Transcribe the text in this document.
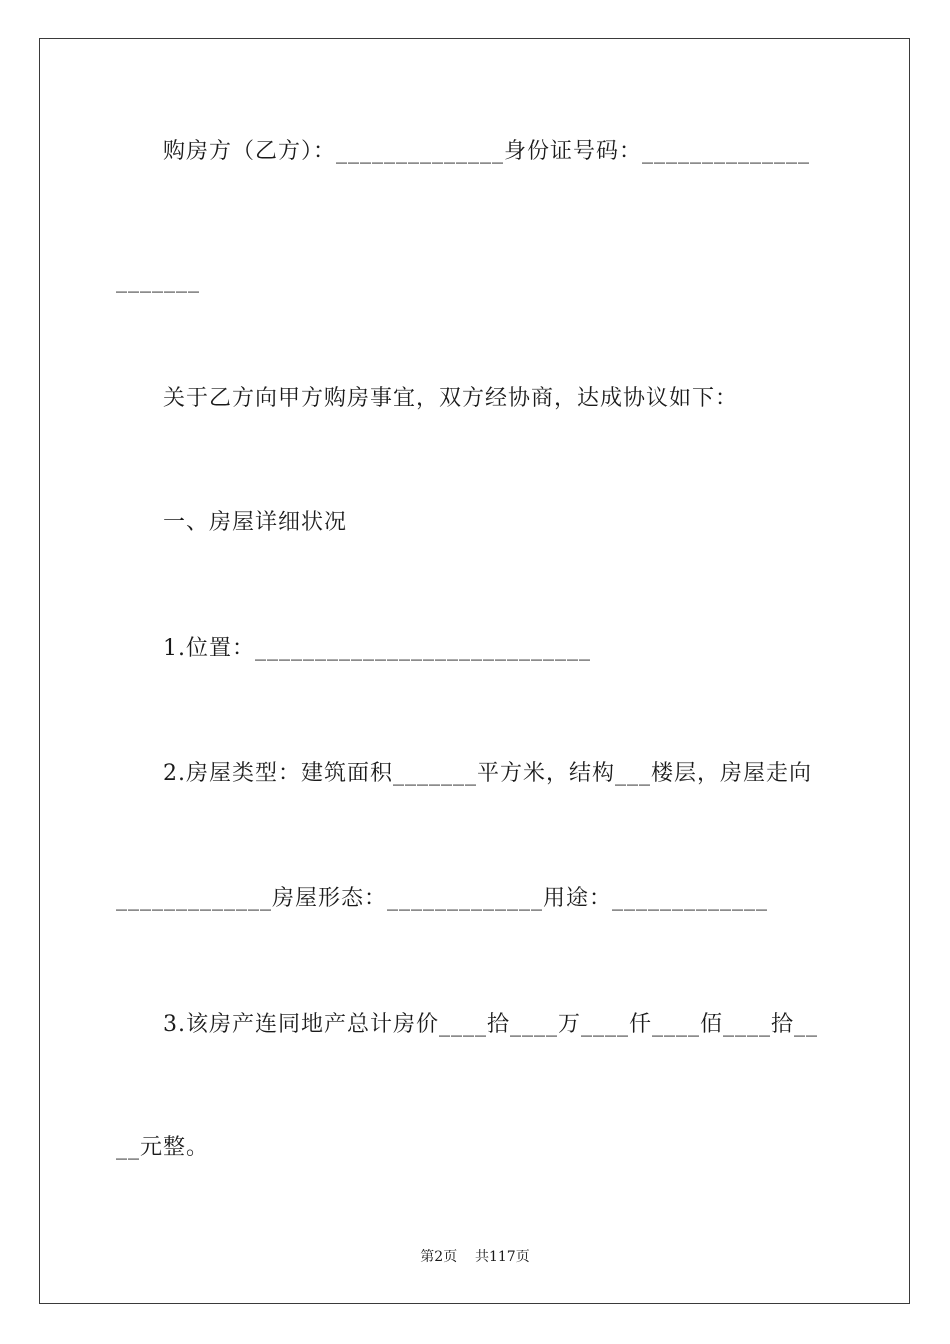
购房方（乙方）：______________身份证号码：______________
_______
关于乙方向甲方购房事宜，双方经协商，达成协议如下：
一、房屋详细状况
1.位置：____________________________
2.房屋类型：建筑面积_______平方米，结构___楼层，房屋走向
_____________房屋形态：_____________用途：_____________
3.该房产连同地产总计房价____拾____万____仟____佰____拾__
__元整。
第2页    共117页
